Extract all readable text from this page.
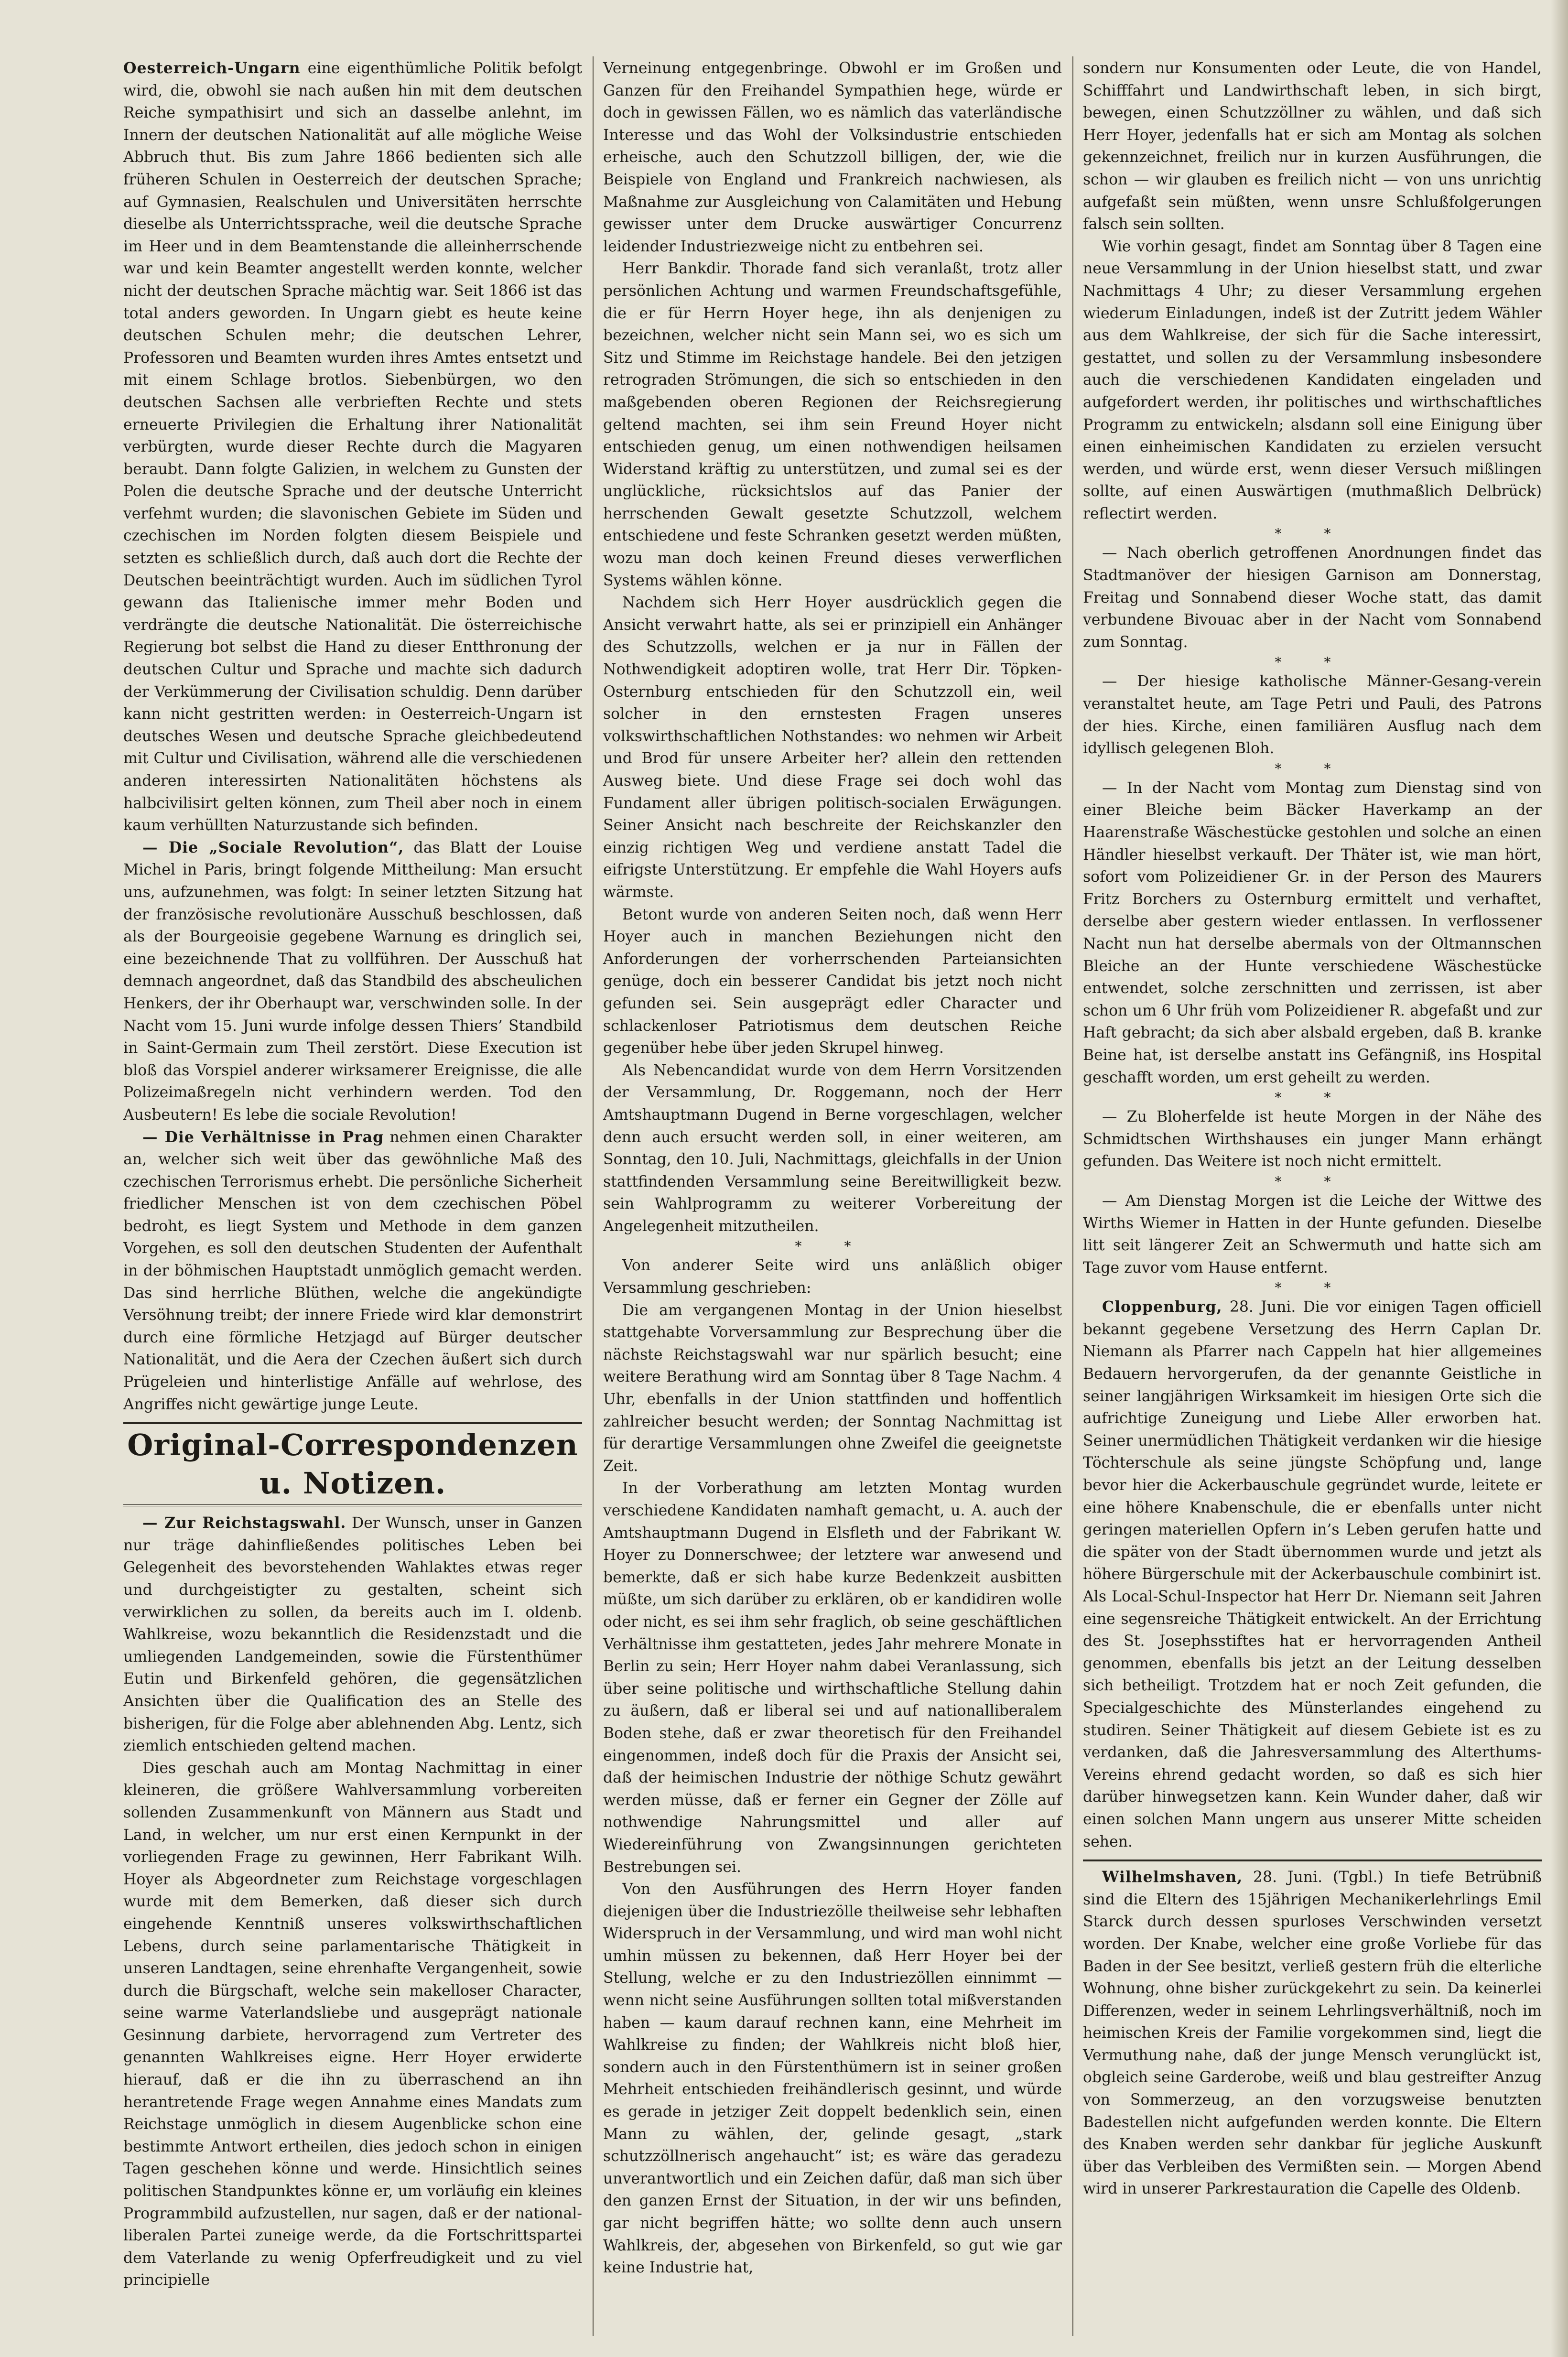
Oesterreich-Ungarn eine eigenthümliche Politik befolgt wird, die, obwohl sie nach außen hin mit dem deutschen Reiche sympathisirt und sich an dasselbe anlehnt, im Innern der deutschen Nationalität auf alle mögliche Weise Abbruch thut. Bis zum Jahre 1866 bedienten sich alle früheren Schulen in Oesterreich der deutschen Sprache; auf Gymnasien, Realschulen und Universitäten herrschte dieselbe als Unterrichtssprache, weil die deutsche Sprache im Heer und in dem Beamtenstande die alleinherrschende war und kein Beamter angestellt werden konnte, welcher nicht der deutschen Sprache mächtig war. Seit 1866 ist das total anders geworden. In Ungarn giebt es heute keine deutschen Schulen mehr; die deutschen Lehrer, Professoren und Beamten wurden ihres Amtes entsetzt und mit einem Schlage brotlos. Siebenbürgen, wo den deutschen Sachsen alle verbrieften Rechte und stets erneuerte Privilegien die Erhaltung ihrer Nationalität verbürgten, wurde dieser Rechte durch die Magyaren beraubt. Dann folgte Galizien, in welchem zu Gunsten der Polen die deutsche Sprache und der deutsche Unterricht verfehmt wurden; die slavonischen Gebiete im Süden und czechischen im Norden folgten diesem Beispiele und setzten es schließlich durch, daß auch dort die Rechte der Deutschen beeinträchtigt wurden. Auch im südlichen Tyrol gewann das Italienische immer mehr Boden und verdrängte die deutsche Nationalität. Die österreichische Regierung bot selbst die Hand zu dieser Entthronung der deutschen Cultur und Sprache und machte sich dadurch der Verkümmerung der Civilisation schuldig. Denn darüber kann nicht gestritten werden: in Oesterreich-Ungarn ist deutsches Wesen und deutsche Sprache gleichbedeutend mit Cultur und Civilisation, während alle die verschiedenen anderen interessirten Nationalitäten höchstens als halbcivilisirt gelten können, zum Theil aber noch in einem kaum verhüllten Naturzustande sich befinden.

— Die „Sociale Revolution“, das Blatt der Louise Michel in Paris, bringt folgende Mittheilung: Man ersucht uns, aufzunehmen, was folgt: In seiner letzten Sitzung hat der französische revolutionäre Ausschuß beschlossen, daß als der Bourgeoisie gegebene Warnung es dringlich sei, eine bezeichnende That zu vollführen. Der Ausschuß hat demnach angeordnet, daß das Standbild des abscheulichen Henkers, der ihr Oberhaupt war, verschwinden solle. In der Nacht vom 15. Juni wurde infolge dessen Thiers’ Standbild in Saint-Germain zum Theil zerstört. Diese Execution ist bloß das Vorspiel anderer wirksamerer Ereignisse, die alle Polizeimaßregeln nicht verhindern werden. Tod den Ausbeutern! Es lebe die sociale Revolution!

— Die Verhältnisse in Prag nehmen einen Charakter an, welcher sich weit über das gewöhnliche Maß des czechischen Terrorismus erhebt. Die persönliche Sicherheit friedlicher Menschen ist von dem czechischen Pöbel bedroht, es liegt System und Methode in dem ganzen Vorgehen, es soll den deutschen Studenten der Aufenthalt in der böhmischen Hauptstadt unmöglich gemacht werden. Das sind herrliche Blüthen, welche die angekündigte Versöhnung treibt; der innere Friede wird klar demonstrirt durch eine förmliche Hetzjagd auf Bürger deutscher Nationalität, und die Aera der Czechen äußert sich durch Prügeleien und hinterlistige Anfälle auf wehrlose, des Angriffes nicht gewärtige junge Leute.

Original-Correspondenzen u. Notizen.

— Zur Reichstagswahl. Der Wunsch, unser in Ganzen nur träge dahinfließendes politisches Leben bei Gelegenheit des bevorstehenden Wahlaktes etwas reger und durchgeistigter zu gestalten, scheint sich verwirklichen zu sollen, da bereits auch im I. oldenb. Wahlkreise, wozu bekanntlich die Residenzstadt und die umliegenden Landgemeinden, sowie die Fürstenthümer Eutin und Birkenfeld gehören, die gegensätzlichen Ansichten über die Qualification des an Stelle des bisherigen, für die Folge aber ablehnenden Abg. Lentz, sich ziemlich entschieden geltend machen.

Dies geschah auch am Montag Nachmittag in einer kleineren, die größere Wahlversammlung vorbereiten sollenden Zusammenkunft von Männern aus Stadt und Land, in welcher, um nur erst einen Kernpunkt in der vorliegenden Frage zu gewinnen, Herr Fabrikant Wilh. Hoyer als Abgeordneter zum Reichstage vorgeschlagen wurde mit dem Bemerken, daß dieser sich durch eingehende Kenntniß unseres volkswirthschaftlichen Lebens, durch seine parlamentarische Thätigkeit in unseren Landtagen, seine ehrenhafte Vergangenheit, sowie durch die Bürgschaft, welche sein makelloser Character, seine warme Vaterlandsliebe und ausgeprägt nationale Gesinnung darbiete, hervorragend zum Vertreter des genannten Wahlkreises eigne. Herr Hoyer erwiderte hierauf, daß er die ihn zu überraschend an ihn herantretende Frage wegen Annahme eines Mandats zum Reichstage unmöglich in diesem Augenblicke schon eine bestimmte Antwort ertheilen, dies jedoch schon in einigen Tagen geschehen könne und werde. Hinsichtlich seines politischen Standpunktes könne er, um vorläufig ein kleines Programmbild aufzustellen, nur sagen, daß er der national-liberalen Partei zuneige werde, da die Fortschrittspartei dem Vaterlande zu wenig Opferfreudigkeit und zu viel principielle

Verneinung entgegenbringe. Obwohl er im Großen und Ganzen für den Freihandel Sympathien hege, würde er doch in gewissen Fällen, wo es nämlich das vaterländische Interesse und das Wohl der Volksindustrie entschieden erheische, auch den Schutzzoll billigen, der, wie die Beispiele von England und Frankreich nachwiesen, als Maßnahme zur Ausgleichung von Calamitäten und Hebung gewisser unter dem Drucke auswärtiger Concurrenz leidender Industriezweige nicht zu entbehren sei.

Herr Bankdir. Thorade fand sich veranlaßt, trotz aller persönlichen Achtung und warmen Freundschaftsgefühle, die er für Herrn Hoyer hege, ihn als denjenigen zu bezeichnen, welcher nicht sein Mann sei, wo es sich um Sitz und Stimme im Reichstage handele. Bei den jetzigen retrograden Strömungen, die sich so entschieden in den maßgebenden oberen Regionen der Reichsregierung geltend machten, sei ihm sein Freund Hoyer nicht entschieden genug, um einen nothwendigen heilsamen Widerstand kräftig zu unterstützen, und zumal sei es der unglückliche, rücksichtslos auf das Panier der herrschenden Gewalt gesetzte Schutzzoll, welchem entschiedene und feste Schranken gesetzt werden müßten, wozu man doch keinen Freund dieses verwerflichen Systems wählen könne.

Nachdem sich Herr Hoyer ausdrücklich gegen die Ansicht verwahrt hatte, als sei er prinzipiell ein Anhänger des Schutzzolls, welchen er ja nur in Fällen der Nothwendigkeit adoptiren wolle, trat Herr Dir. Töpken-Osternburg entschieden für den Schutzzoll ein, weil solcher in den ernstesten Fragen unseres volkswirthschaftlichen Nothstandes: wo nehmen wir Arbeit und Brod für unsere Arbeiter her? allein den rettenden Ausweg biete. Und diese Frage sei doch wohl das Fundament aller übrigen politisch-socialen Erwägungen. Seiner Ansicht nach beschreite der Reichskanzler den einzig richtigen Weg und verdiene anstatt Tadel die eifrigste Unterstützung. Er empfehle die Wahl Hoyers aufs wärmste.

Betont wurde von anderen Seiten noch, daß wenn Herr Hoyer auch in manchen Beziehungen nicht den Anforderungen der vorherrschenden Parteiansichten genüge, doch ein besserer Candidat bis jetzt noch nicht gefunden sei. Sein ausgeprägt edler Character und schlackenloser Patriotismus dem deutschen Reiche gegenüber hebe über jeden Skrupel hinweg.

Als Nebencandidat wurde von dem Herrn Vorsitzenden der Versammlung, Dr. Roggemann, noch der Herr Amtshauptmann Dugend in Berne vorgeschlagen, welcher denn auch ersucht werden soll, in einer weiteren, am Sonntag, den 10. Juli, Nachmittags, gleichfalls in der Union stattfindenden Versammlung seine Bereitwilligkeit bezw. sein Wahlprogramm zu weiterer Vorbereitung der Angelegenheit mitzutheilen.

* *

Von anderer Seite wird uns anläßlich obiger Versammlung geschrieben:

Die am vergangenen Montag in der Union hieselbst stattgehabte Vorversammlung zur Besprechung über die nächste Reichstagswahl war nur spärlich besucht; eine weitere Berathung wird am Sonntag über 8 Tage Nachm. 4 Uhr, ebenfalls in der Union stattfinden und hoffentlich zahlreicher besucht werden; der Sonntag Nachmittag ist für derartige Versammlungen ohne Zweifel die geeignetste Zeit.

In der Vorberathung am letzten Montag wurden verschiedene Kandidaten namhaft gemacht, u. A. auch der Amtshauptmann Dugend in Elsfleth und der Fabrikant W. Hoyer zu Donnerschwee; der letztere war anwesend und bemerkte, daß er sich habe kurze Bedenkzeit ausbitten müßte, um sich darüber zu erklären, ob er kandidiren wolle oder nicht, es sei ihm sehr fraglich, ob seine geschäftlichen Verhältnisse ihm gestatteten, jedes Jahr mehrere Monate in Berlin zu sein; Herr Hoyer nahm dabei Veranlassung, sich über seine politische und wirthschaftliche Stellung dahin zu äußern, daß er liberal sei und auf nationalliberalem Boden stehe, daß er zwar theoretisch für den Freihandel eingenommen, indeß doch für die Praxis der Ansicht sei, daß der heimischen Industrie der nöthige Schutz gewährt werden müsse, daß er ferner ein Gegner der Zölle auf nothwendige Nahrungsmittel und aller auf Wiedereinführung von Zwangsinnungen gerichteten Bestrebungen sei.

Von den Ausführungen des Herrn Hoyer fanden diejenigen über die Industriezölle theilweise sehr lebhaften Widerspruch in der Versammlung, und wird man wohl nicht umhin müssen zu bekennen, daß Herr Hoyer bei der Stellung, welche er zu den Industriezöllen einnimmt — wenn nicht seine Ausführungen sollten total mißverstanden haben — kaum darauf rechnen kann, eine Mehrheit im Wahlkreise zu finden; der Wahlkreis nicht bloß hier, sondern auch in den Fürstenthümern ist in seiner großen Mehrheit entschieden freihändlerisch gesinnt, und würde es gerade in jetziger Zeit doppelt bedenklich sein, einen Mann zu wählen, der, gelinde gesagt, „stark schutzzöllnerisch angehaucht“ ist; es wäre das geradezu unverantwortlich und ein Zeichen dafür, daß man sich über den ganzen Ernst der Situation, in der wir uns befinden, gar nicht begriffen hätte; wo sollte denn auch unsern Wahlkreis, der, abgesehen von Birkenfeld, so gut wie gar keine Industrie hat,

sondern nur Konsumenten oder Leute, die von Handel, Schifffahrt und Landwirthschaft leben, in sich birgt, bewegen, einen Schutzzöllner zu wählen, und daß sich Herr Hoyer, jedenfalls hat er sich am Montag als solchen gekennzeichnet, freilich nur in kurzen Ausführungen, die schon — wir glauben es freilich nicht — von uns unrichtig aufgefaßt sein müßten, wenn unsre Schlußfolgerungen falsch sein sollten.

Wie vorhin gesagt, findet am Sonntag über 8 Tagen eine neue Versammlung in der Union hieselbst statt, und zwar Nachmittags 4 Uhr; zu dieser Versammlung ergehen wiederum Einladungen, indeß ist der Zutritt jedem Wähler aus dem Wahlkreise, der sich für die Sache interessirt, gestattet, und sollen zu der Versammlung insbesondere auch die verschiedenen Kandidaten eingeladen und aufgefordert werden, ihr politisches und wirthschaftliches Programm zu entwickeln; alsdann soll eine Einigung über einen einheimischen Kandidaten zu erzielen versucht werden, und würde erst, wenn dieser Versuch mißlingen sollte, auf einen Auswärtigen (muthmaßlich Delbrück) reflectirt werden.

* *

— Nach oberlich getroffenen Anordnungen findet das Stadtmanöver der hiesigen Garnison am Donnerstag, Freitag und Sonnabend dieser Woche statt, das damit verbundene Bivouac aber in der Nacht vom Sonnabend zum Sonntag.

* *

— Der hiesige katholische Männer-Gesang-verein veranstaltet heute, am Tage Petri und Pauli, des Patrons der hies. Kirche, einen familiären Ausflug nach dem idyllisch gelegenen Bloh.

* *

— In der Nacht vom Montag zum Dienstag sind von einer Bleiche beim Bäcker Haverkamp an der Haarenstraße Wäschestücke gestohlen und solche an einen Händler hieselbst verkauft. Der Thäter ist, wie man hört, sofort vom Polizeidiener Gr. in der Person des Maurers Fritz Borchers zu Osternburg ermittelt und verhaftet, derselbe aber gestern wieder entlassen. In verflossener Nacht nun hat derselbe abermals von der Oltmannschen Bleiche an der Hunte verschiedene Wäschestücke entwendet, solche zerschnitten und zerrissen, ist aber schon um 6 Uhr früh vom Polizeidiener R. abgefaßt und zur Haft gebracht; da sich aber alsbald ergeben, daß B. kranke Beine hat, ist derselbe anstatt ins Gefängniß, ins Hospital geschafft worden, um erst geheilt zu werden.

* *

— Zu Bloherfelde ist heute Morgen in der Nähe des Schmidtschen Wirthshauses ein junger Mann erhängt gefunden. Das Weitere ist noch nicht ermittelt.

* *

— Am Dienstag Morgen ist die Leiche der Wittwe des Wirths Wiemer in Hatten in der Hunte gefunden. Dieselbe litt seit längerer Zeit an Schwermuth und hatte sich am Tage zuvor vom Hause entfernt.

* *

Cloppenburg, 28. Juni. Die vor einigen Tagen officiell bekannt gegebene Versetzung des Herrn Caplan Dr. Niemann als Pfarrer nach Cappeln hat hier allgemeines Bedauern hervorgerufen, da der genannte Geistliche in seiner langjährigen Wirksamkeit im hiesigen Orte sich die aufrichtige Zuneigung und Liebe Aller erworben hat. Seiner unermüdlichen Thätigkeit verdanken wir die hiesige Töchterschule als seine jüngste Schöpfung und, lange bevor hier die Ackerbauschule gegründet wurde, leitete er eine höhere Knabenschule, die er ebenfalls unter nicht geringen materiellen Opfern in’s Leben gerufen hatte und die später von der Stadt übernommen wurde und jetzt als höhere Bürgerschule mit der Ackerbauschule combinirt ist. Als Local-Schul-Inspector hat Herr Dr. Niemann seit Jahren eine segensreiche Thätigkeit entwickelt. An der Errichtung des St. Josephsstiftes hat er hervorragenden Antheil genommen, ebenfalls bis jetzt an der Leitung desselben sich betheiligt. Trotzdem hat er noch Zeit gefunden, die Specialgeschichte des Münsterlandes eingehend zu studiren. Seiner Thätigkeit auf diesem Gebiete ist es zu verdanken, daß die Jahresversammlung des Alterthums-Vereins ehrend gedacht worden, so daß es sich hier darüber hinwegsetzen kann. Kein Wunder daher, daß wir einen solchen Mann ungern aus unserer Mitte scheiden sehen.

Wilhelmshaven, 28. Juni. (Tgbl.) In tiefe Betrübniß sind die Eltern des 15jährigen Mechanikerlehrlings Emil Starck durch dessen spurloses Verschwinden versetzt worden. Der Knabe, welcher eine große Vorliebe für das Baden in der See besitzt, verließ gestern früh die elterliche Wohnung, ohne bisher zurückgekehrt zu sein. Da keinerlei Differenzen, weder in seinem Lehrlingsverhältniß, noch im heimischen Kreis der Familie vorgekommen sind, liegt die Vermuthung nahe, daß der junge Mensch verunglückt ist, obgleich seine Garderobe, weiß und blau gestreifter Anzug von Sommerzeug, an den vorzugsweise benutzten Badestellen nicht aufgefunden werden konnte. Die Eltern des Knaben werden sehr dankbar für jegliche Auskunft über das Verbleiben des Vermißten sein. — Morgen Abend wird in unserer Parkrestauration die Capelle des Oldenb.
